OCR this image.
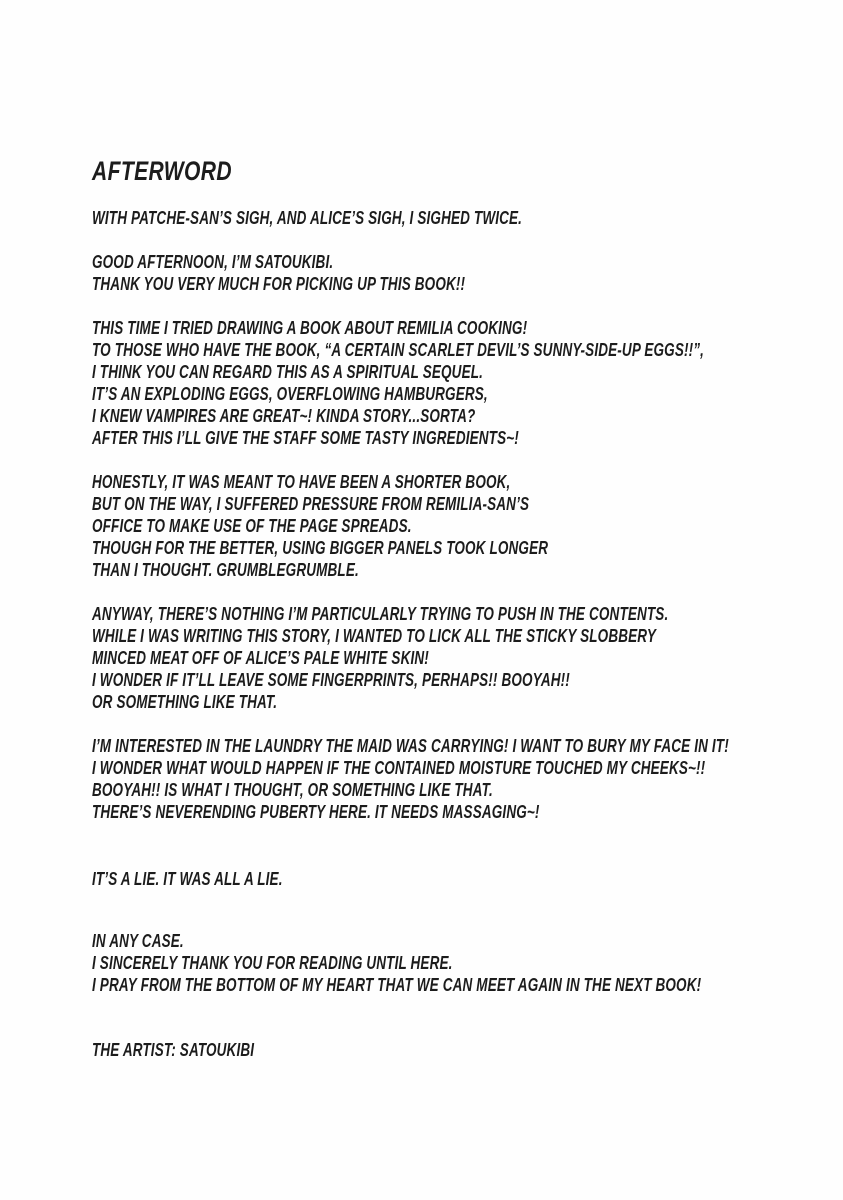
AFTERWORD
WITH PATCHE-SAN’S SIGH, AND ALICE’S SIGH, I SIGHED TWICE.
GOOD AFTERNOON, I’M SATOUKIBI.
THANK YOU VERY MUCH FOR PICKING UP THIS BOOK!!
THIS TIME I TRIED DRAWING A BOOK ABOUT REMILIA COOKING!
TO THOSE WHO HAVE THE BOOK, “A CERTAIN SCARLET DEVIL’S SUNNY-SIDE-UP EGGS!!”,
I THINK YOU CAN REGARD THIS AS A SPIRITUAL SEQUEL.
IT’S AN EXPLODING EGGS, OVERFLOWING HAMBURGERS,
I KNEW VAMPIRES ARE GREAT~! KINDA STORY...SORTA?
AFTER THIS I’LL GIVE THE STAFF SOME TASTY INGREDIENTS~!
HONESTLY, IT WAS MEANT TO HAVE BEEN A SHORTER BOOK,
BUT ON THE WAY, I SUFFERED PRESSURE FROM REMILIA-SAN’S
OFFICE TO MAKE USE OF THE PAGE SPREADS.
THOUGH FOR THE BETTER, USING BIGGER PANELS TOOK LONGER
THAN I THOUGHT. GRUMBLEGRUMBLE.
ANYWAY, THERE’S NOTHING I’M PARTICULARLY TRYING TO PUSH IN THE CONTENTS.
WHILE I WAS WRITING THIS STORY, I WANTED TO LICK ALL THE STICKY SLOBBERY
MINCED MEAT OFF OF ALICE’S PALE WHITE SKIN!
I WONDER IF IT’LL LEAVE SOME FINGERPRINTS, PERHAPS!! BOOYAH!!
OR SOMETHING LIKE THAT.
I’M INTERESTED IN THE LAUNDRY THE MAID WAS CARRYING! I WANT TO BURY MY FACE IN IT!
I WONDER WHAT WOULD HAPPEN IF THE CONTAINED MOISTURE TOUCHED MY CHEEKS~!!
BOOYAH!! IS WHAT I THOUGHT, OR SOMETHING LIKE THAT.
THERE’S NEVERENDING PUBERTY HERE. IT NEEDS MASSAGING~!
IT’S A LIE. IT WAS ALL A LIE.
IN ANY CASE.
I SINCERELY THANK YOU FOR READING UNTIL HERE.
I PRAY FROM THE BOTTOM OF MY HEART THAT WE CAN MEET AGAIN IN THE NEXT BOOK!
THE ARTIST: SATOUKIBI
